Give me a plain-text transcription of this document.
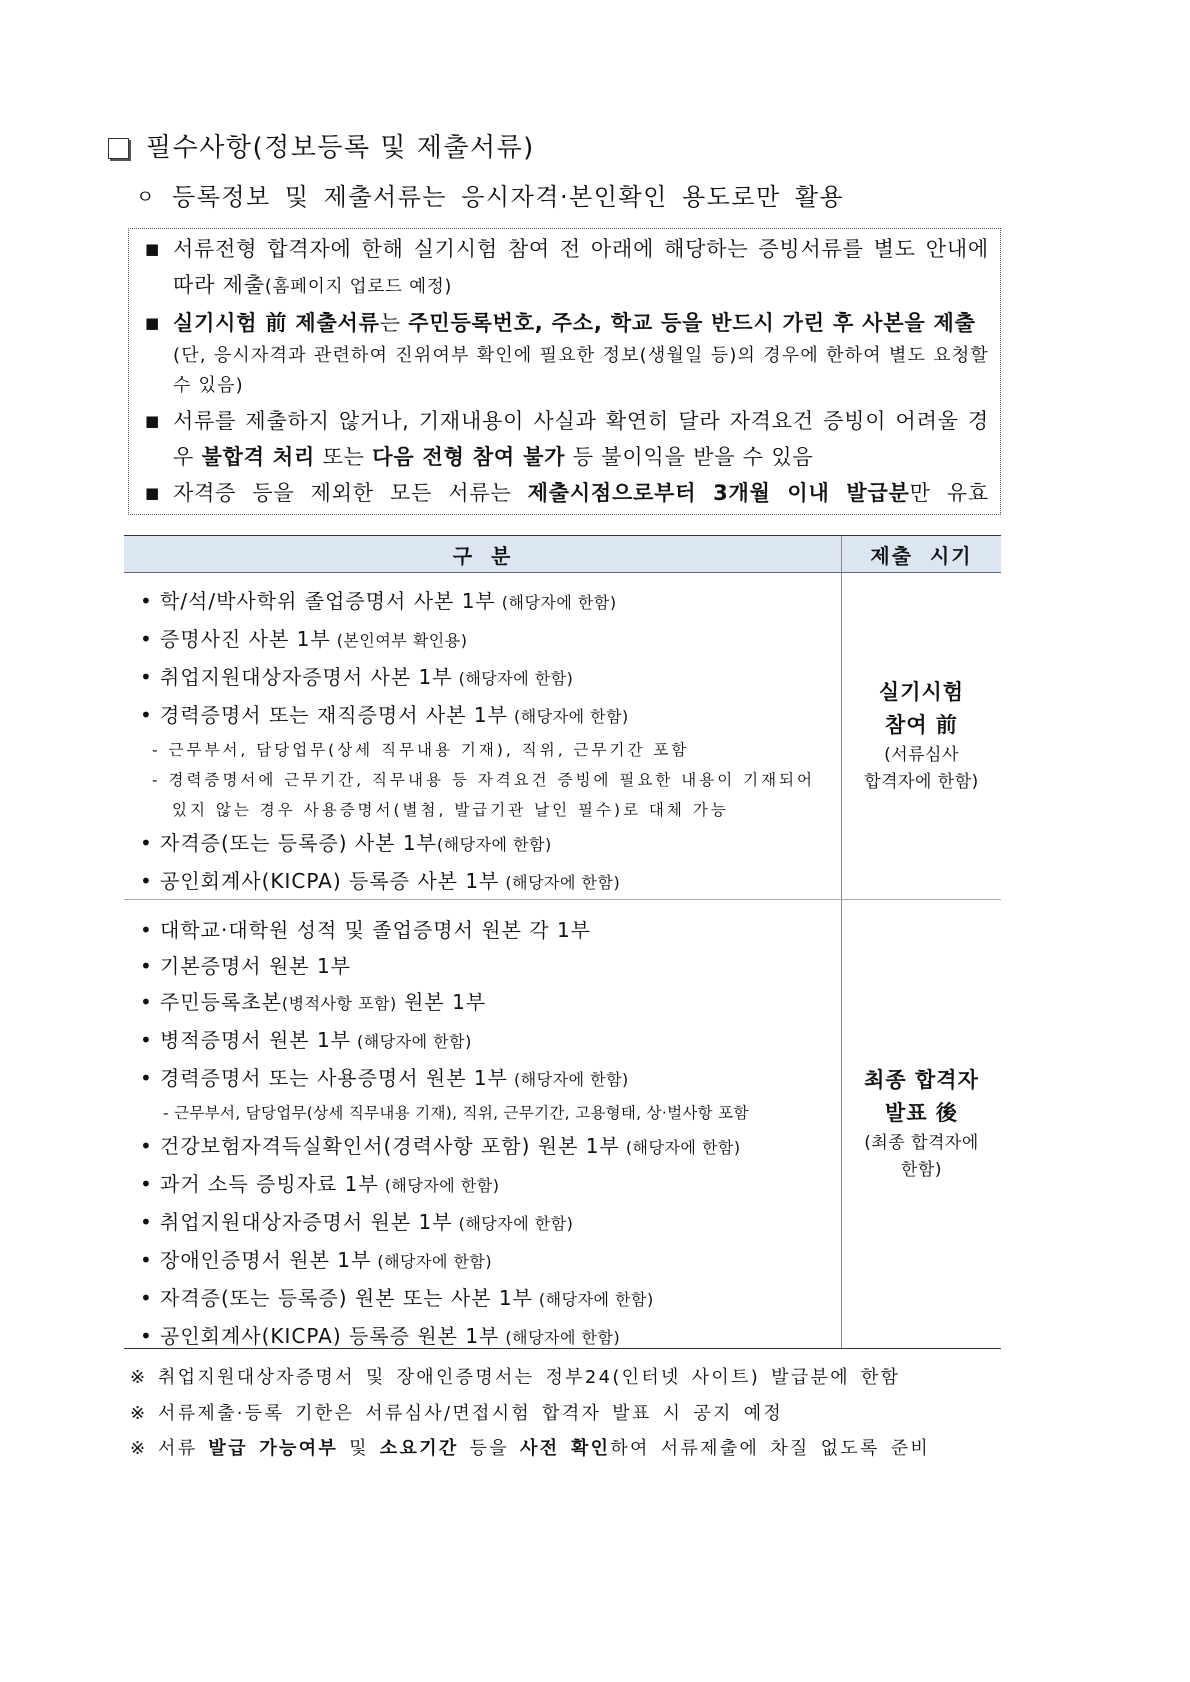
필수사항(정보등록 및 제출서류)
ㅇ 등록정보 및 제출서류는 응시자격·본인확인 용도로만 활용
■ 서류전형 합격자에 한해 실기시험 참여 전 아래에 해당하는 증빙서류를 별도 안내에 따라 제출(홈페이지 업로드 예정)
■ 실기시험 前 제출서류는 주민등록번호, 주소, 학교 등을 반드시 가린 후 사본을 제출
(단, 응시자격과 관련하여 진위여부 확인에 필요한 정보(생월일 등)의 경우에 한하여 별도 요청할 수 있음)
■ 서류를 제출하지 않거나, 기재내용이 사실과 확연히 달라 자격요건 증빙이 어려울 경우 불합격 처리 또는 다음 전형 참여 불가 등 불이익을 받을 수 있음
■ 자격증 등을 제외한 모든 서류는 제출시점으로부터 3개월 이내 발급분만 유효
구 분	제출 시기
• 학/석/박사학위 졸업증명서 사본 1부 (해당자에 한함)
• 증명사진 사본 1부 (본인여부 확인용)
• 취업지원대상자증명서 사본 1부 (해당자에 한함)
• 경력증명서 또는 재직증명서 사본 1부 (해당자에 한함)
- 근무부서, 담당업무(상세 직무내용 기재), 직위, 근무기간 포함
- 경력증명서에 근무기간, 직무내용 등 자격요건 증빙에 필요한 내용이 기재되어 있지 않는 경우 사용증명서(별첨, 발급기관 날인 필수)로 대체 가능
• 자격증(또는 등록증) 사본 1부(해당자에 한함)
• 공인회계사(KICPA) 등록증 사본 1부 (해당자에 한함)
실기시험
참여 前
(서류심사
합격자에 한함)
• 대학교·대학원 성적 및 졸업증명서 원본 각 1부
• 기본증명서 원본 1부
• 주민등록초본(병적사항 포함) 원본 1부
• 병적증명서 원본 1부 (해당자에 한함)
• 경력증명서 또는 사용증명서 원본 1부 (해당자에 한함)
- 근무부서, 담당업무(상세 직무내용 기재), 직위, 근무기간, 고용형태, 상·벌사항 포함
• 건강보험자격득실확인서(경력사항 포함) 원본 1부 (해당자에 한함)
• 과거 소득 증빙자료 1부 (해당자에 한함)
• 취업지원대상자증명서 원본 1부 (해당자에 한함)
• 장애인증명서 원본 1부 (해당자에 한함)
• 자격증(또는 등록증) 원본 또는 사본 1부 (해당자에 한함)
• 공인회계사(KICPA) 등록증 원본 1부 (해당자에 한함)
최종 합격자
발표 後
(최종 합격자에
한함)
※ 취업지원대상자증명서 및 장애인증명서는 정부24(인터넷 사이트) 발급분에 한함
※ 서류제출·등록 기한은 서류심사/면접시험 합격자 발표 시 공지 예정
※ 서류 발급 가능여부 및 소요기간 등을 사전 확인하여 서류제출에 차질 없도록 준비
